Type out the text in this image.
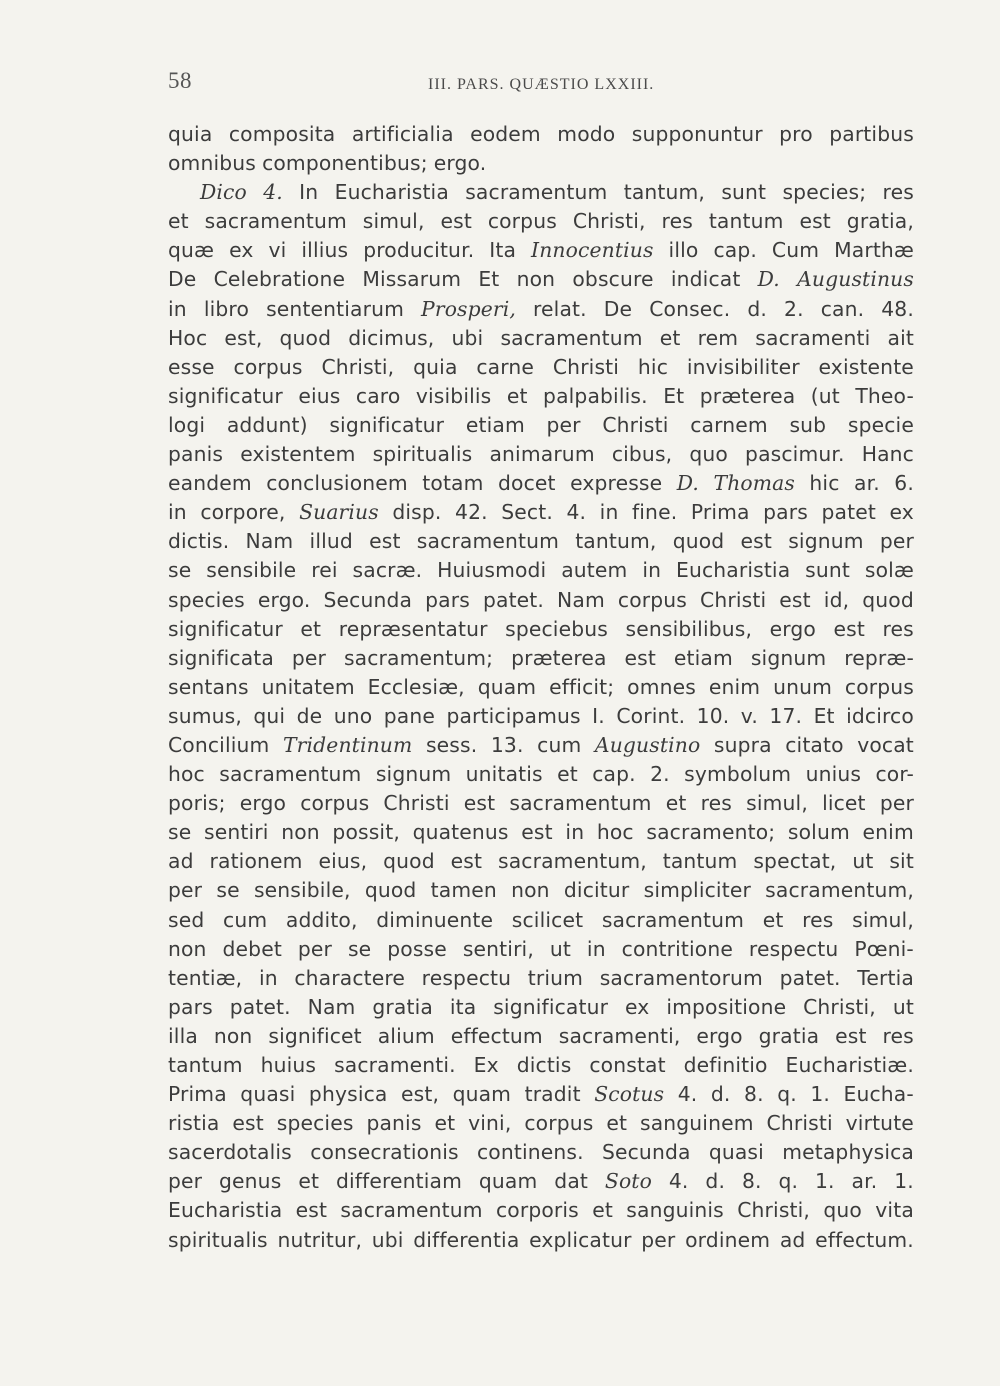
58	III. PARS. QUÆSTIO LXXIII.
quia composita artificialia eodem modo supponuntur pro partibus
omnibus componentibus; ergo.
Dico 4. In Eucharistia sacramentum tantum, sunt species; res
et sacramentum simul, est corpus Christi, res tantum est gratia,
quæ ex vi illius producitur. Ita Innocentius illo cap. Cum Marthæ
De Celebratione Missarum Et non obscure indicat D. Augustinus
in libro sententiarum Prosperi, relat. De Consec. d. 2. can. 48.
Hoc est, quod dicimus, ubi sacramentum et rem sacramenti ait
esse corpus Christi, quia carne Christi hic invisibiliter existente
significatur eius caro visibilis et palpabilis. Et præterea (ut Theo-
logi addunt) significatur etiam per Christi carnem sub specie
panis existentem spiritualis animarum cibus, quo pascimur. Hanc
eandem conclusionem totam docet expresse D. Thomas hic ar. 6.
in corpore, Suarius disp. 42. Sect. 4. in fine. Prima pars patet ex
dictis. Nam illud est sacramentum tantum, quod est signum per
se sensibile rei sacræ. Huiusmodi autem in Eucharistia sunt solæ
species ergo. Secunda pars patet. Nam corpus Christi est id, quod
significatur et repræsentatur speciebus sensibilibus, ergo est res
significata per sacramentum; præterea est etiam signum repræ-
sentans unitatem Ecclesiæ, quam efficit; omnes enim unum corpus
sumus, qui de uno pane participamus I. Corint. 10. v. 17. Et idcirco
Concilium Tridentinum sess. 13. cum Augustino supra citato vocat
hoc sacramentum signum unitatis et cap. 2. symbolum unius cor-
poris; ergo corpus Christi est sacramentum et res simul, licet per
se sentiri non possit, quatenus est in hoc sacramento; solum enim
ad rationem eius, quod est sacramentum, tantum spectat, ut sit
per se sensibile, quod tamen non dicitur simpliciter sacramentum,
sed cum addito, diminuente scilicet sacramentum et res simul,
non debet per se posse sentiri, ut in contritione respectu Pœni-
tentiæ, in charactere respectu trium sacramentorum patet. Tertia
pars patet. Nam gratia ita significatur ex impositione Christi, ut
illa non significet alium effectum sacramenti, ergo gratia est res
tantum huius sacramenti. Ex dictis constat definitio Eucharistiæ.
Prima quasi physica est, quam tradit Scotus 4. d. 8. q. 1. Eucha-
ristia est species panis et vini, corpus et sanguinem Christi virtute
sacerdotalis consecrationis continens. Secunda quasi metaphysica
per genus et differentiam quam dat Soto 4. d. 8. q. 1. ar. 1.
Eucharistia est sacramentum corporis et sanguinis Christi, quo vita
spiritualis nutritur, ubi differentia explicatur per ordinem ad effectum.
